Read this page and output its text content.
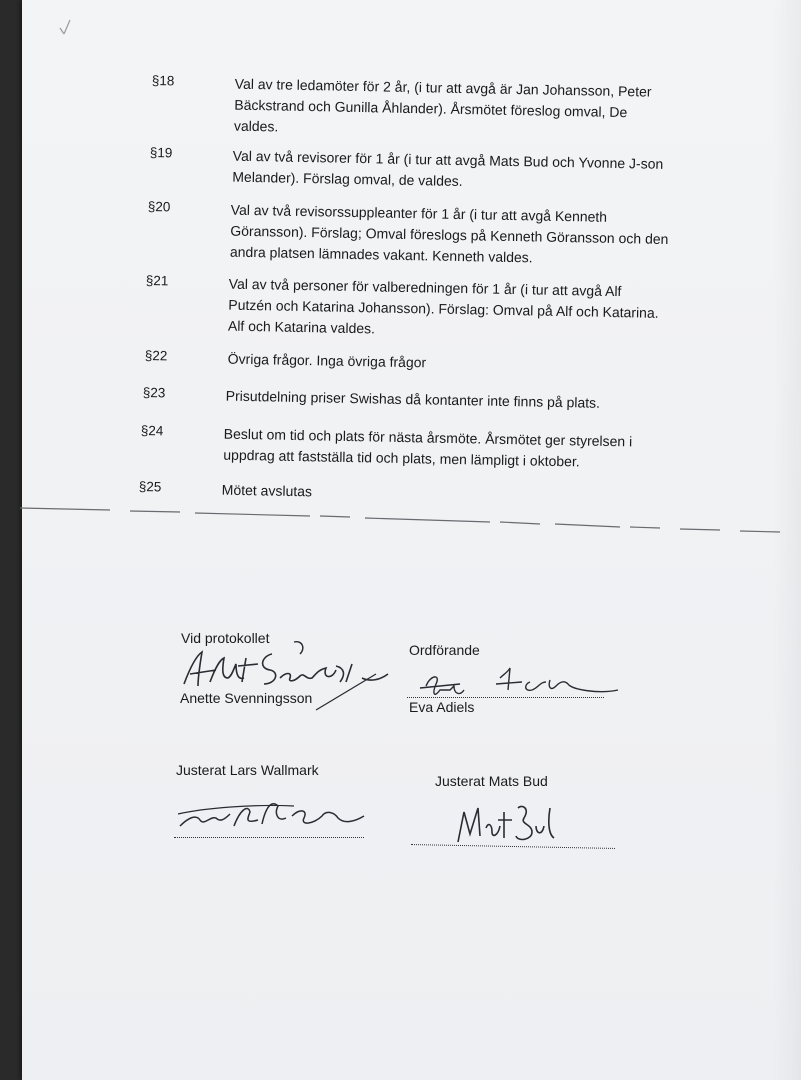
§18	Val av tre ledamöter för 2 år, (i tur att avgå är Jan Johansson, Peter Bäckstrand och Gunilla Åhlander). Årsmötet föreslog omval, De valdes.
§19	Val av två revisorer för 1 år (i tur att avgå Mats Bud och Yvonne J-son Melander). Förslag omval, de valdes.
§20	Val av två revisorssuppleanter för 1 år (i tur att avgå Kenneth Göransson). Förslag; Omval föreslogs på Kenneth Göransson och den andra platsen lämnades vakant. Kenneth valdes.
§21	Val av två personer för valberedningen för 1 år (i tur att avgå Alf Putzén och Katarina Johansson). Förslag: Omval på Alf och Katarina. Alf och Katarina valdes.
§22	Övriga frågor. Inga övriga frågor
§23	Prisutdelning priser Swishas då kontanter inte finns på plats.
§24	Beslut om tid och plats för nästa årsmöte. Årsmötet ger styrelsen i uppdrag att fastställa tid och plats, men lämpligt i oktober.
§25	Mötet avslutas
Vid protokollet
Ordförande
Anette Svenningsson
Eva Adiels
Justerat Lars Wallmark
Justerat Mats Bud
